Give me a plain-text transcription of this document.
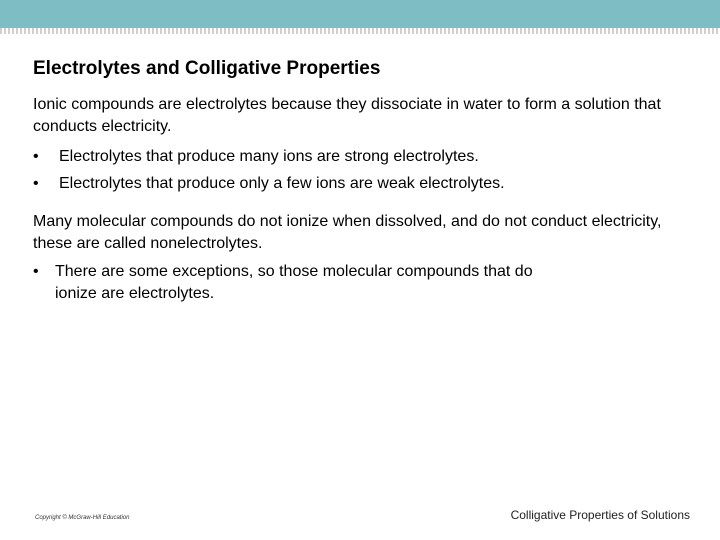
Electrolytes and Colligative Properties
Ionic compounds are electrolytes because they dissociate in water to form a solution that conducts electricity.
• Electrolytes that produce many ions are strong electrolytes.
• Electrolytes that produce only a few ions are weak electrolytes.
Many molecular compounds do not ionize when dissolved, and do not conduct electricity, these are called nonelectrolytes.
• There are some exceptions, so those molecular compounds that do
ionize are electrolytes.
Copyright © McGraw-Hill Education	Colligative Properties of Solutions
